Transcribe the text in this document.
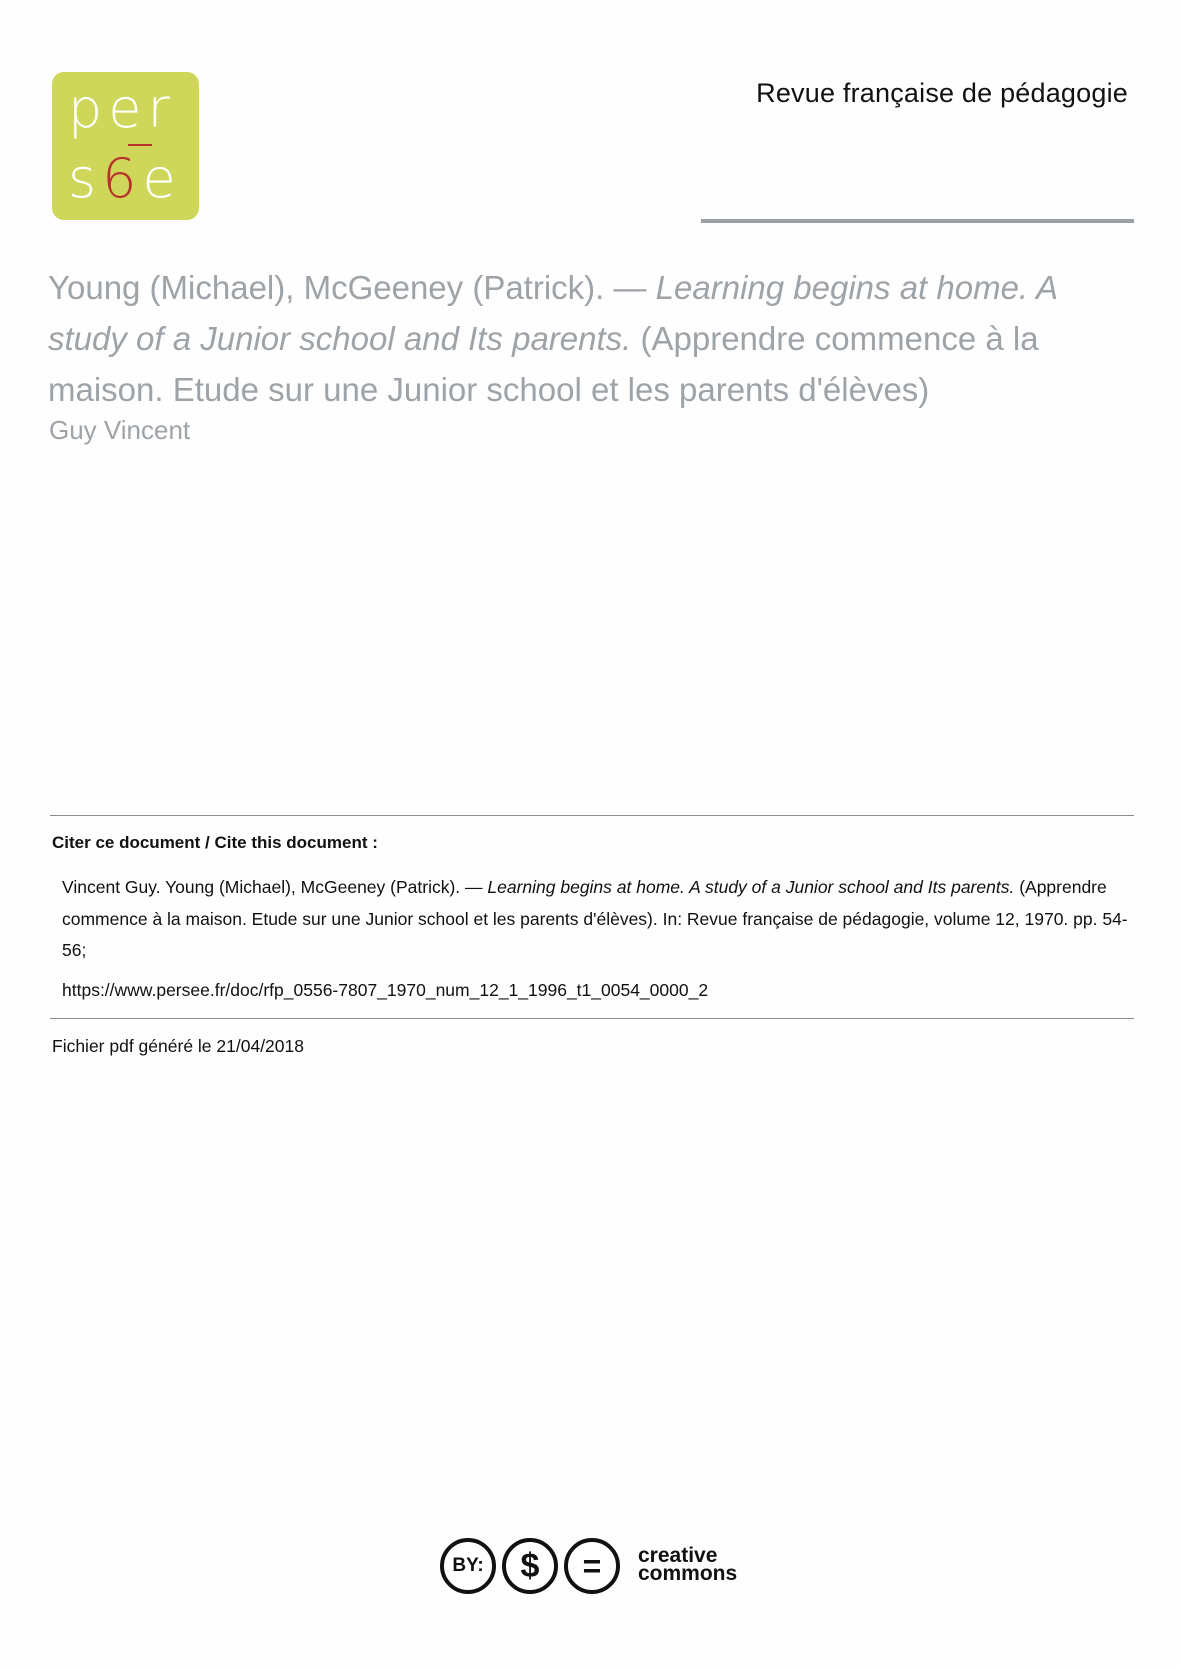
per
s6e
Revue française de pédagogie
Young (Michael), McGeeney (Patrick). — Learning begins at home. A study of a Junior school and Its parents. (Apprendre commence à la maison. Etude sur une Junior school et les parents d'élèves)
Guy Vincent
Citer ce document / Cite this document :
Vincent Guy. Young (Michael), McGeeney (Patrick). — Learning begins at home. A study of a Junior school and Its parents. (Apprendre commence à la maison. Etude sur une Junior school et les parents d'élèves). In: Revue française de pédagogie, volume 12, 1970. pp. 54-56;
https://www.persee.fr/doc/rfp_0556-7807_1970_num_12_1_1996_t1_0054_0000_2
Fichier pdf généré le 21/04/2018
BY:	$	=	creative
commons
